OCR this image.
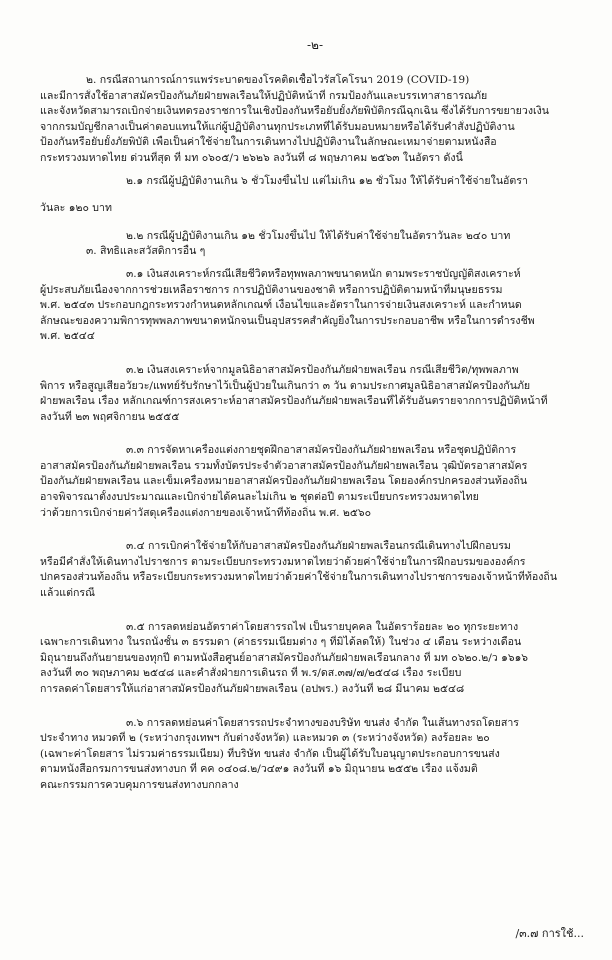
-๒-
๒. กรณีสถานการณ์การแพร่ระบาดของโรคติดเชื้อไวรัสโคโรนา 2019 (COVID-19)
และมีการสั่งใช้อาสาสมัครป้องกันภัยฝ่ายพลเรือนให้ปฏิบัติหน้าที่ กรมป้องกันและบรรเทาสาธารณภัย
และจังหวัดสามารถเบิกจ่ายเงินทดรองราชการในเชิงป้องกันหรือยับยั้งภัยพิบัติกรณีฉุกเฉิน ซึ่งได้รับการขยายวงเงิน
จากกรมบัญชีกลางเป็นค่าตอบแทนให้แก่ผู้ปฏิบัติงานทุกประเภทที่ได้รับมอบหมายหรือได้รับคำสั่งปฏิบัติงาน
ป้องกันหรือยับยั้งภัยพิบัติ เพื่อเป็นค่าใช้จ่ายในการเดินทางไปปฏิบัติงานในลักษณะเหมาจ่ายตามหนังสือ
กระทรวงมหาดไทย ด่วนที่สุด ที่ มท ๐๖๐๕/ว ๒๖๒๖ ลงวันที่ ๘ พฤษภาคม ๒๕๖๓ ในอัตรา ดังนี้
๒.๑ กรณีผู้ปฏิบัติงานเกิน ๖ ชั่วโมงขึ้นไป แต่ไม่เกิน ๑๒ ชั่วโมง ให้ได้รับค่าใช้จ่ายในอัตรา
วันละ ๑๒๐ บาท
๒.๒ กรณีผู้ปฏิบัติงานเกิน ๑๒ ชั่วโมงขึ้นไป ให้ได้รับค่าใช้จ่ายในอัตราวันละ ๒๔๐ บาท
๓. สิทธิและสวัสดิการอื่น ๆ
๓.๑ เงินสงเคราะห์กรณีเสียชีวิตหรือทุพพลภาพขนาดหนัก ตามพระราชบัญญัติสงเคราะห์
ผู้ประสบภัยเนื่องจากการช่วยเหลือราชการ การปฏิบัติงานของชาติ หรือการปฏิบัติตามหน้าที่มนุษยธรรม
พ.ศ. ๒๕๔๓ ประกอบกฎกระทรวงกำหนดหลักเกณฑ์ เงื่อนไขและอัตราในการจ่ายเงินสงเคราะห์ และกำหนด
ลักษณะของความพิการทุพพลภาพขนาดหนักจนเป็นอุปสรรคสำคัญยิ่งในการประกอบอาชีพ หรือในการดำรงชีพ
พ.ศ. ๒๕๔๔
๓.๒ เงินสงเคราะห์จากมูลนิธิอาสาสมัครป้องกันภัยฝ่ายพลเรือน กรณีเสียชีวิต/ทุพพลภาพ
พิการ หรือสูญเสียอวัยวะ/แพทย์รับรักษาไว้เป็นผู้ป่วยในเกินกว่า ๓ วัน ตามประกาศมูลนิธิอาสาสมัครป้องกันภัย
ฝ่ายพลเรือน เรื่อง หลักเกณฑ์การสงเคราะห์อาสาสมัครป้องกันภัยฝ่ายพลเรือนที่ได้รับอันตรายจากการปฏิบัติหน้าที่
ลงวันที่ ๒๓ พฤศจิกายน ๒๕๕๕
๓.๓ การจัดหาเครื่องแต่งกายชุดฝึกอาสาสมัครป้องกันภัยฝ่ายพลเรือน หรือชุดปฏิบัติการ
อาสาสมัครป้องกันภัยฝ่ายพลเรือน รวมทั้งบัตรประจำตัวอาสาสมัครป้องกันภัยฝ่ายพลเรือน วุฒิบัตรอาสาสมัคร
ป้องกันภัยฝ่ายพลเรือน และเข็มเครื่องหมายอาสาสมัครป้องกันภัยฝ่ายพลเรือน โดยองค์กรปกครองส่วนท้องถิ่น
อาจพิจารณาตั้งงบประมาณและเบิกจ่ายได้คนละไม่เกิน ๒ ชุดต่อปี ตามระเบียบกระทรวงมหาดไทย
ว่าด้วยการเบิกจ่ายค่าวัสดุเครื่องแต่งกายของเจ้าหน้าที่ท้องถิ่น พ.ศ. ๒๕๖๐
๓.๔ การเบิกค่าใช้จ่ายให้กับอาสาสมัครป้องกันภัยฝ่ายพลเรือนกรณีเดินทางไปฝึกอบรม
หรือมีคำสั่งให้เดินทางไปราชการ ตามระเบียบกระทรวงมหาดไทยว่าด้วยค่าใช้จ่ายในการฝึกอบรมขององค์กร
ปกครองส่วนท้องถิ่น หรือระเบียบกระทรวงมหาดไทยว่าด้วยค่าใช้จ่ายในการเดินทางไปราชการของเจ้าหน้าที่ท้องถิ่น
แล้วแต่กรณี
๓.๕ การลดหย่อนอัตราค่าโดยสารรถไฟ เป็นรายบุคคล ในอัตราร้อยละ ๒๐ ทุกระยะทาง
เฉพาะการเดินทาง ในรถนั่งชั้น ๓ ธรรมดา (ค่าธรรมเนียมต่าง ๆ ที่มิได้ลดให้) ในช่วง ๔ เดือน ระหว่างเดือน
มิถุนายนถึงกันยายนของทุกปี ตามหนังสือศูนย์อาสาสมัครป้องกันภัยฝ่ายพลเรือนกลาง ที่ มท ๐๖๒๐.๒/ว ๑๖๑๖
ลงวันที่ ๓๐ พฤษภาคม ๒๕๔๘ และคำสั่งฝ่ายการเดินรถ ที่ พ.ร/ดส.๓๗/๗/๒๕๔๘ เรื่อง ระเบียบ
การลดค่าโดยสารให้แก่อาสาสมัครป้องกันภัยฝ่ายพลเรือน (อปพร.) ลงวันที่ ๒๘ มีนาคม ๒๕๔๘
๓.๖ การลดหย่อนค่าโดยสารรถประจำทางของบริษัท ขนส่ง จำกัด ในเส้นทางรถโดยสาร
ประจำทาง หมวดที่ ๒ (ระหว่างกรุงเทพฯ กับต่างจังหวัด) และหมวด ๓ (ระหว่างจังหวัด) ลงร้อยละ ๒๐
(เฉพาะค่าโดยสาร ไม่รวมค่าธรรมเนียม) ที่บริษัท ขนส่ง จำกัด เป็นผู้ได้รับใบอนุญาตประกอบการขนส่ง
ตามหนังสือกรมการขนส่งทางบก ที่ คค ๐๔๐๘.๒/ว๔๙๑ ลงวันที่ ๑๖ มิถุนายน ๒๕๕๒ เรื่อง แจ้งมติ
คณะกรรมการควบคุมการขนส่งทางบกกลาง
/๓.๗ การใช้...
